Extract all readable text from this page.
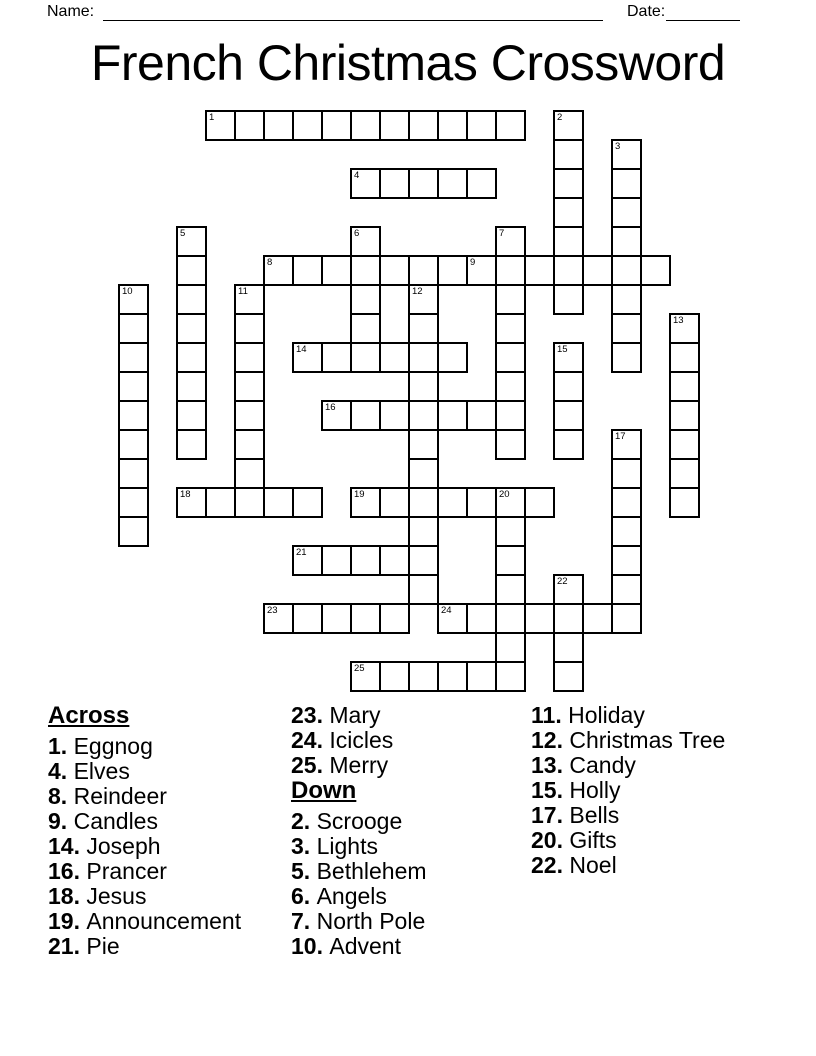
Name:	Date:
French Christmas Crossword
1	2
3
4
5	6	7
8	9
10	11	12
13
14	15
16
17
18	19	20
21
22
23	24
25
Across
1. Eggnog
4. Elves
8. Reindeer
9. Candles
14. Joseph
16. Prancer
18. Jesus
19. Announcement
21. Pie
23. Mary
24. Icicles
25. Merry
Down
2. Scrooge
3. Lights
5. Bethlehem
6. Angels
7. North Pole
10. Advent
11. Holiday
12. Christmas Tree
13. Candy
15. Holly
17. Bells
20. Gifts
22. Noel
